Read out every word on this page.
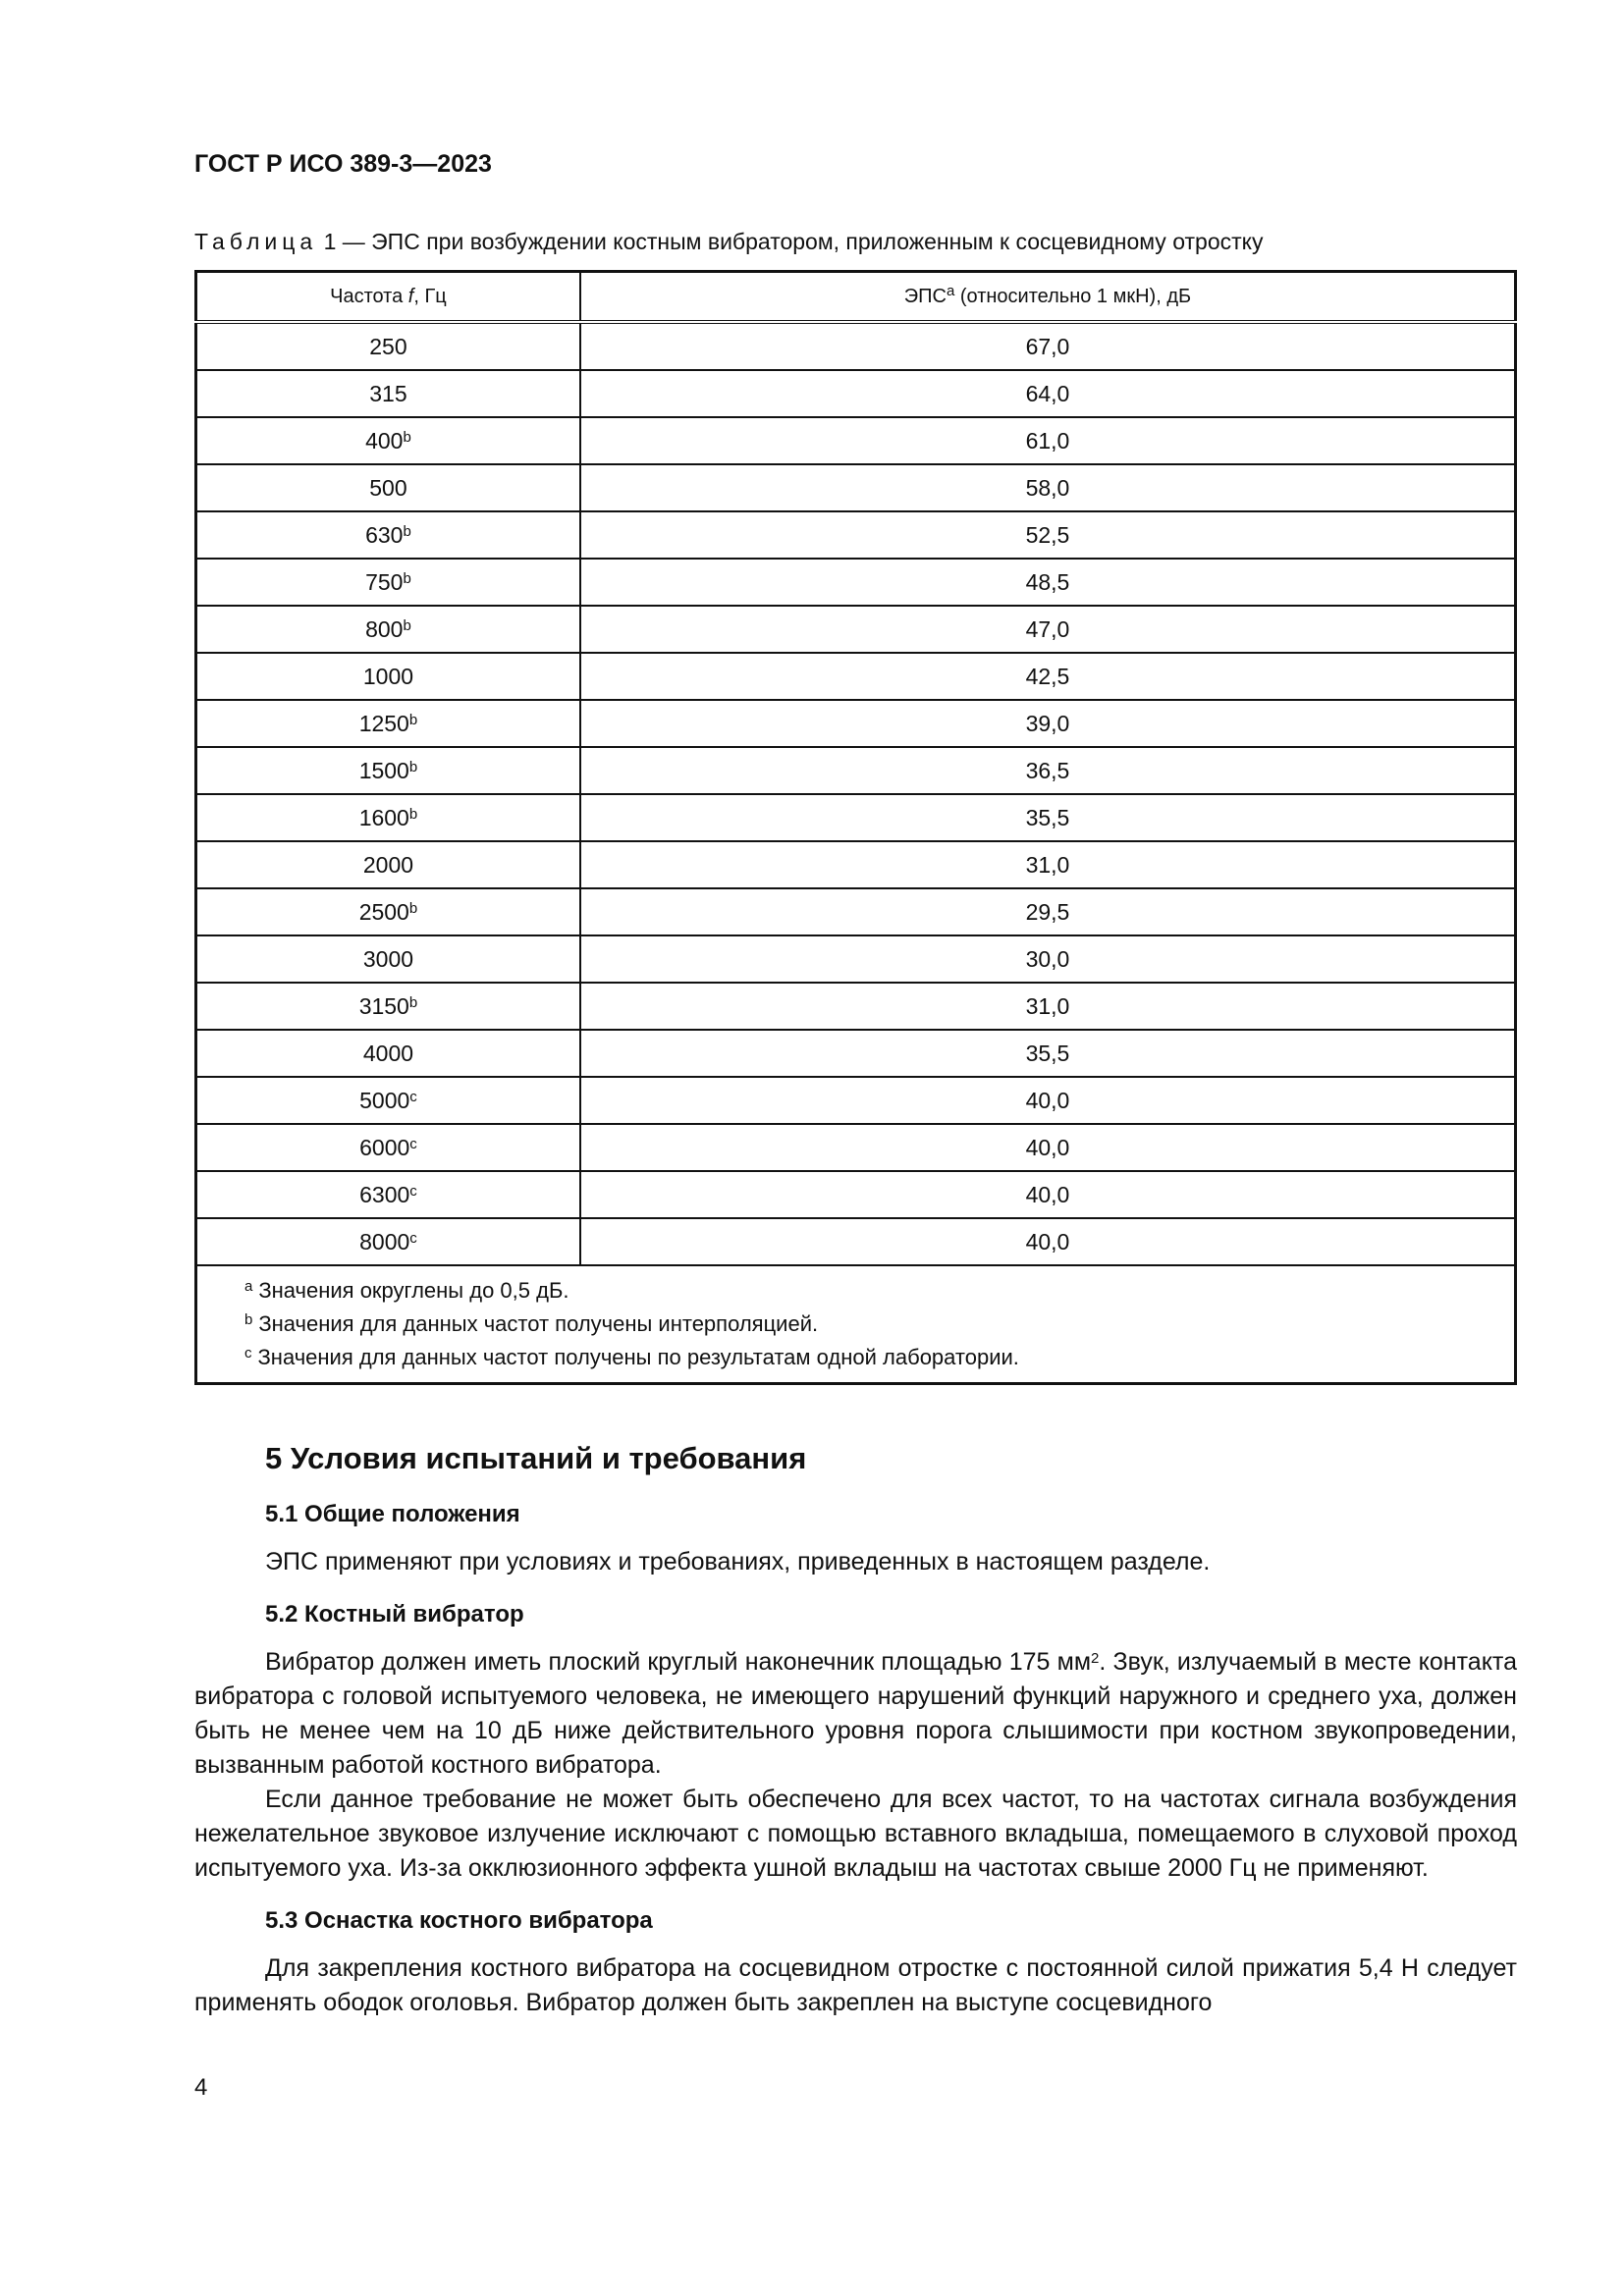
ГОСТ Р ИСО 389-3—2023
Таблица 1 — ЭПС при возбуждении костным вибратором, приложенным к сосцевидному отростку
Частота f, Гц	ЭПС$^a$ (относительно 1 мкН), дБ
250	67,0
315	64,0
400$^b$	61,0
500	58,0
630$^b$	52,5
750$^b$	48,5
800$^b$	47,0
1000	42,5
1250$^b$	39,0
1500$^b$	36,5
1600$^b$	35,5
2000	31,0
2500$^b$	29,5
3000	30,0
3150$^b$	31,0
4000	35,5
5000$^c$	40,0
6000$^c$	40,0
6300$^c$	40,0
8000$^c$	40,0

$^a$ Значения округлены до 0,5 дБ.
$^b$ Значения для данных частот получены интерполяцией.
$^c$ Значения для данных частот получены по результатам одной лаборатории.	
5 Условия испытаний и требования
5.1 Общие положения

ЭПС применяют при условиях и требованиях, приведенных в настоящем разделе.

5.2 Костный вибратор

Вибратор должен иметь плоский круглый наконечник площадью 175 $мм^2$. Звук, излучаемый в месте контакта вибратора с головой испытуемого человека, не имеющего нарушений функций наружного и среднего уха, должен быть не менее чем на 10 дБ ниже действительного уровня порога слышимости при костном звукопроведении, вызванным работой костного вибратора.

Если данное требование не может быть обеспечено для всех частот, то на частотах сигнала возбуждения нежелательное звуковое излучение исключают с помощью вставного вкладыша, помещаемого в слуховой проход испытуемого уха. Из-за окклюзионного эффекта ушной вкладыш на частотах свыше 2000 Гц не применяют.

5.3 Оснастка костного вибратора

Для закрепления костного вибратора на сосцевидном отростке с постоянной силой прижатия 5,4 Н следует применять ободок оголовья. Вибратор должен быть закреплен на выступе сосцевидного

4
